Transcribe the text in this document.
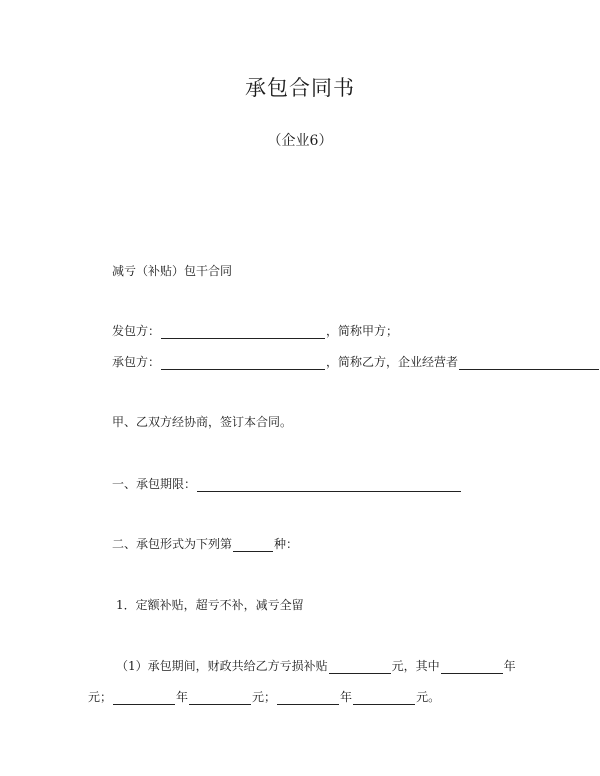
承包合同书
（企业6）
减亏（补贴）包干合同
发包方：	，简称甲方；
承包方：	，简称乙方，企业经营者
甲、乙双方经协商，签订本合同。
一、承包期限：
二、承包形式为下列第	种：
1．定额补贴，超亏不补，减亏全留
（1）承包期间，财政共给乙方亏损补贴	元，其中	年
元；	年	元；	年	元。
